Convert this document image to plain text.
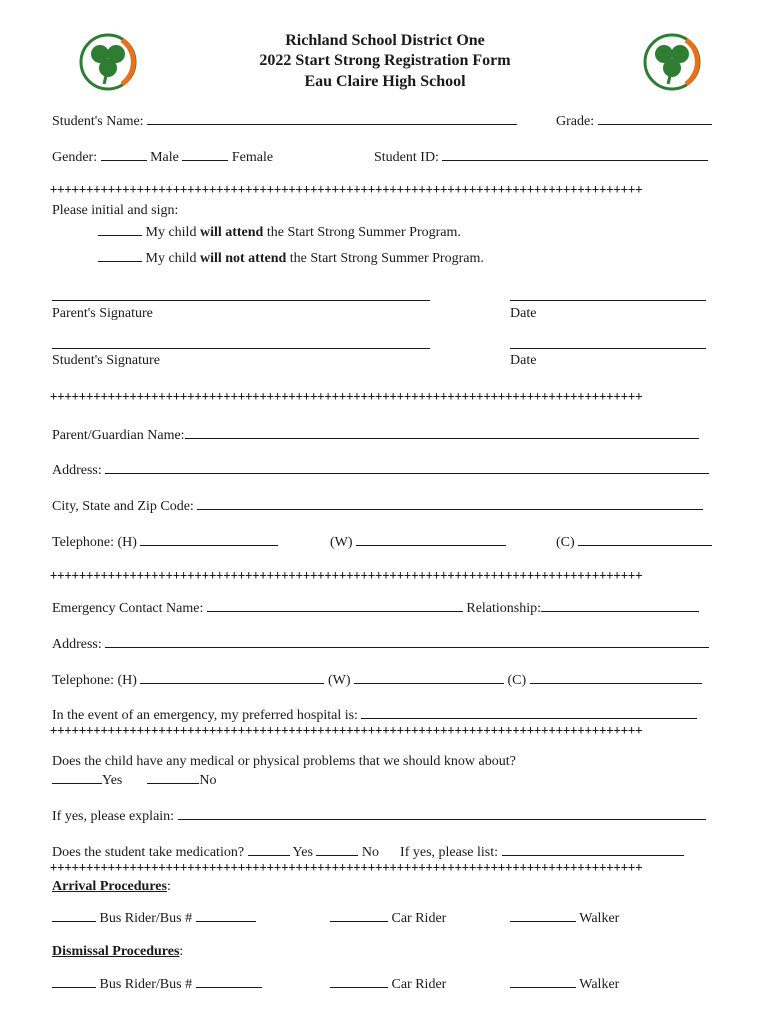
Richland School District One
2022 Start Strong Registration Form
Eau Claire High School
Student's Name:	Grade:
Gender:	Male	Female	Student ID:
++++++++++++++++++++++++++++++++++++++++++++++++++++++++++++++++++++++++++++++++++
Please initial and sign:
My child will attend the Start Strong Summer Program.
My child will not attend the Start Strong Summer Program.
Parent's Signature	Date
Student's Signature	Date
++++++++++++++++++++++++++++++++++++++++++++++++++++++++++++++++++++++++++++++++++
Parent/Guardian Name:
Address:
City, State and Zip Code:
Telephone: (H)	(W)	(C)
++++++++++++++++++++++++++++++++++++++++++++++++++++++++++++++++++++++++++++++++++
Emergency Contact Name:	Relationship:
Address:
Telephone: (H)	(W)	(C)
In the event of an emergency, my preferred hospital is:
++++++++++++++++++++++++++++++++++++++++++++++++++++++++++++++++++++++++++++++++++
Does the child have any medical or physical problems that we should know about?
Yes	No
If yes, please explain:
Does the student take medication?	Yes	No If yes, please list:
++++++++++++++++++++++++++++++++++++++++++++++++++++++++++++++++++++++++++++++++++
Arrival Procedures:
Bus Rider/Bus #	Car Rider	Walker
Dismissal Procedures:
Bus Rider/Bus #	Car Rider	Walker
